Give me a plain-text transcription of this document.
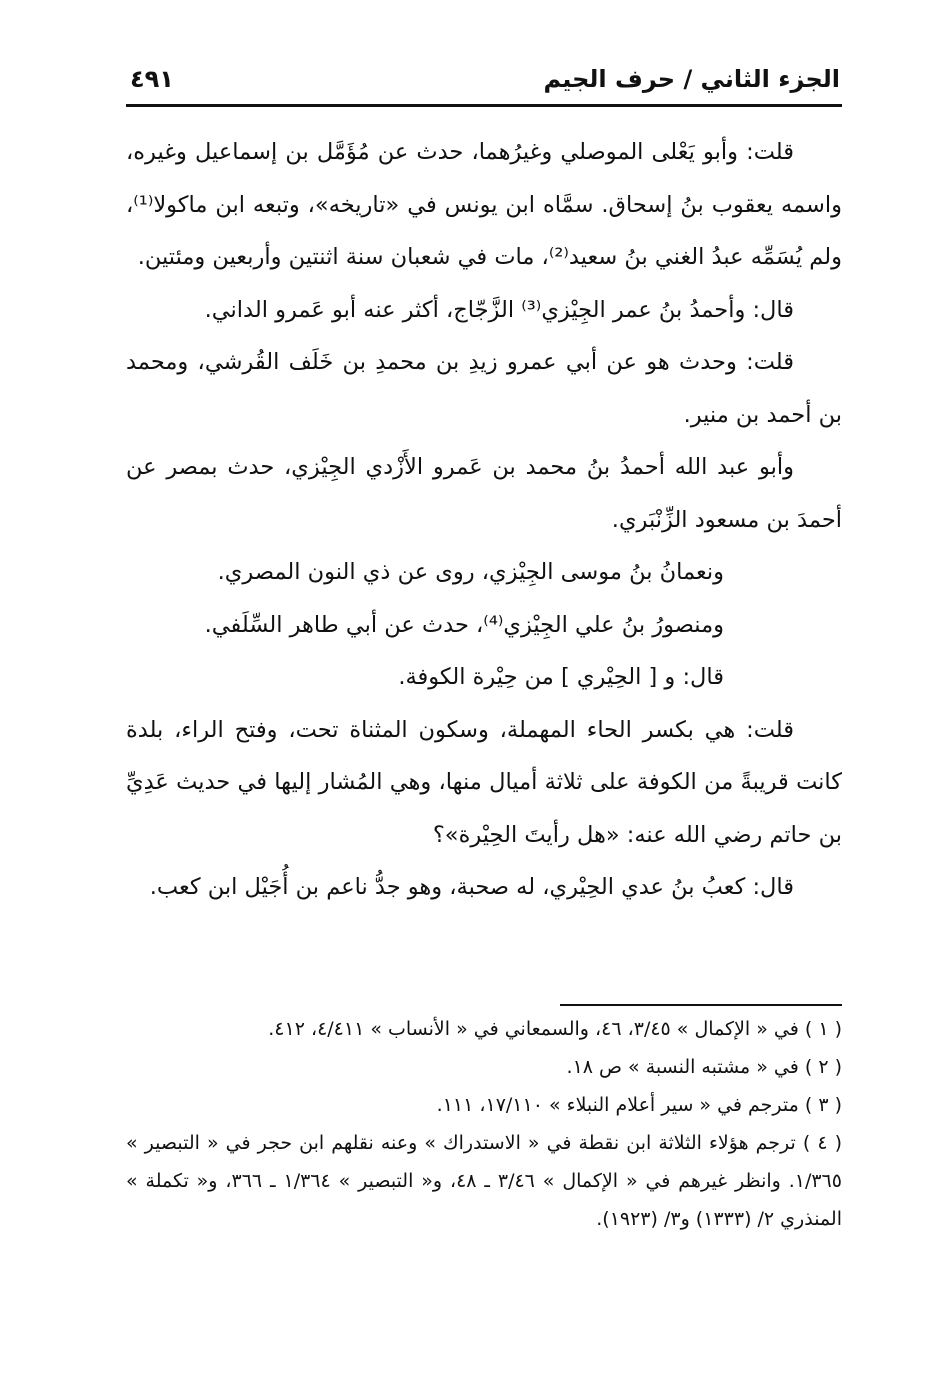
الجزء الثاني / حرف الجيم
٤٩١

قلت: وأبو يَعْلى الموصلي وغيرُهما، حدث عن مُؤَمَّل بن إسماعيل وغيره، واسمه يعقوب بنُ إسحاق. سمَّاه ابن يونس في «تاريخه»، وتبعه ابن ماكولا⁽¹⁾، ولم يُسَمِّه عبدُ الغني بنُ سعيد⁽²⁾، مات في شعبان سنة اثنتين وأربعين ومئتين.

قال: وأحمدُ بنُ عمر الجِيْزي⁽³⁾ الزَّجّاج، أكثر عنه أبو عَمرو الداني.

قلت: وحدث هو عن أبي عمرو زيدِ بن محمدِ بن خَلَف القُرشي، ومحمد بن أحمد بن منير.

وأبو عبد الله أحمدُ بنُ محمد بن عَمرو الأَزْدي الجِيْزي، حدث بمصر عن أحمدَ بن مسعود الزِّنْبَري.

ونعمانُ بنُ موسى الجِيْزي، روى عن ذي النون المصري.

ومنصورُ بنُ علي الجِيْزي⁽⁴⁾، حدث عن أبي طاهر السِّلَفي.

قال: و [ الحِيْري ] من حِيْرة الكوفة.

قلت: هي بكسر الحاء المهملة، وسكون المثناة تحت، وفتح الراء، بلدة كانت قريبةً من الكوفة على ثلاثة أميال منها، وهي المُشار إليها في حديث عَدِيِّ بن حاتم رضي الله عنه: «هل رأيتَ الحِيْرة»؟

قال: كعبُ بنُ عدي الحِيْري، له صحبة، وهو جدُّ ناعم بن أُجَيْل ابن كعب.

( ١ ) في « الإكمال » ٣/٤٥، ٤٦، والسمعاني في « الأنساب » ٤/٤١١، ٤١٢.

( ٢ ) في « مشتبه النسبة » ص ١٨.

( ٣ ) مترجم في « سير أعلام النبلاء » ١٧/١١٠، ١١١.

( ٤ ) ترجم هؤلاء الثلاثة ابن نقطة في « الاستدراك » وعنه نقلهم ابن حجر في « التبصير » ١/٣٦٥. وانظر غيرهم في « الإكمال » ٣/٤٦ ـ ٤٨، و« التبصير » ١/٣٦٤ ـ ٣٦٦، و« تكملة » المنذري ٢/ (١٣٣٣) و٣/ (١٩٢٣).
